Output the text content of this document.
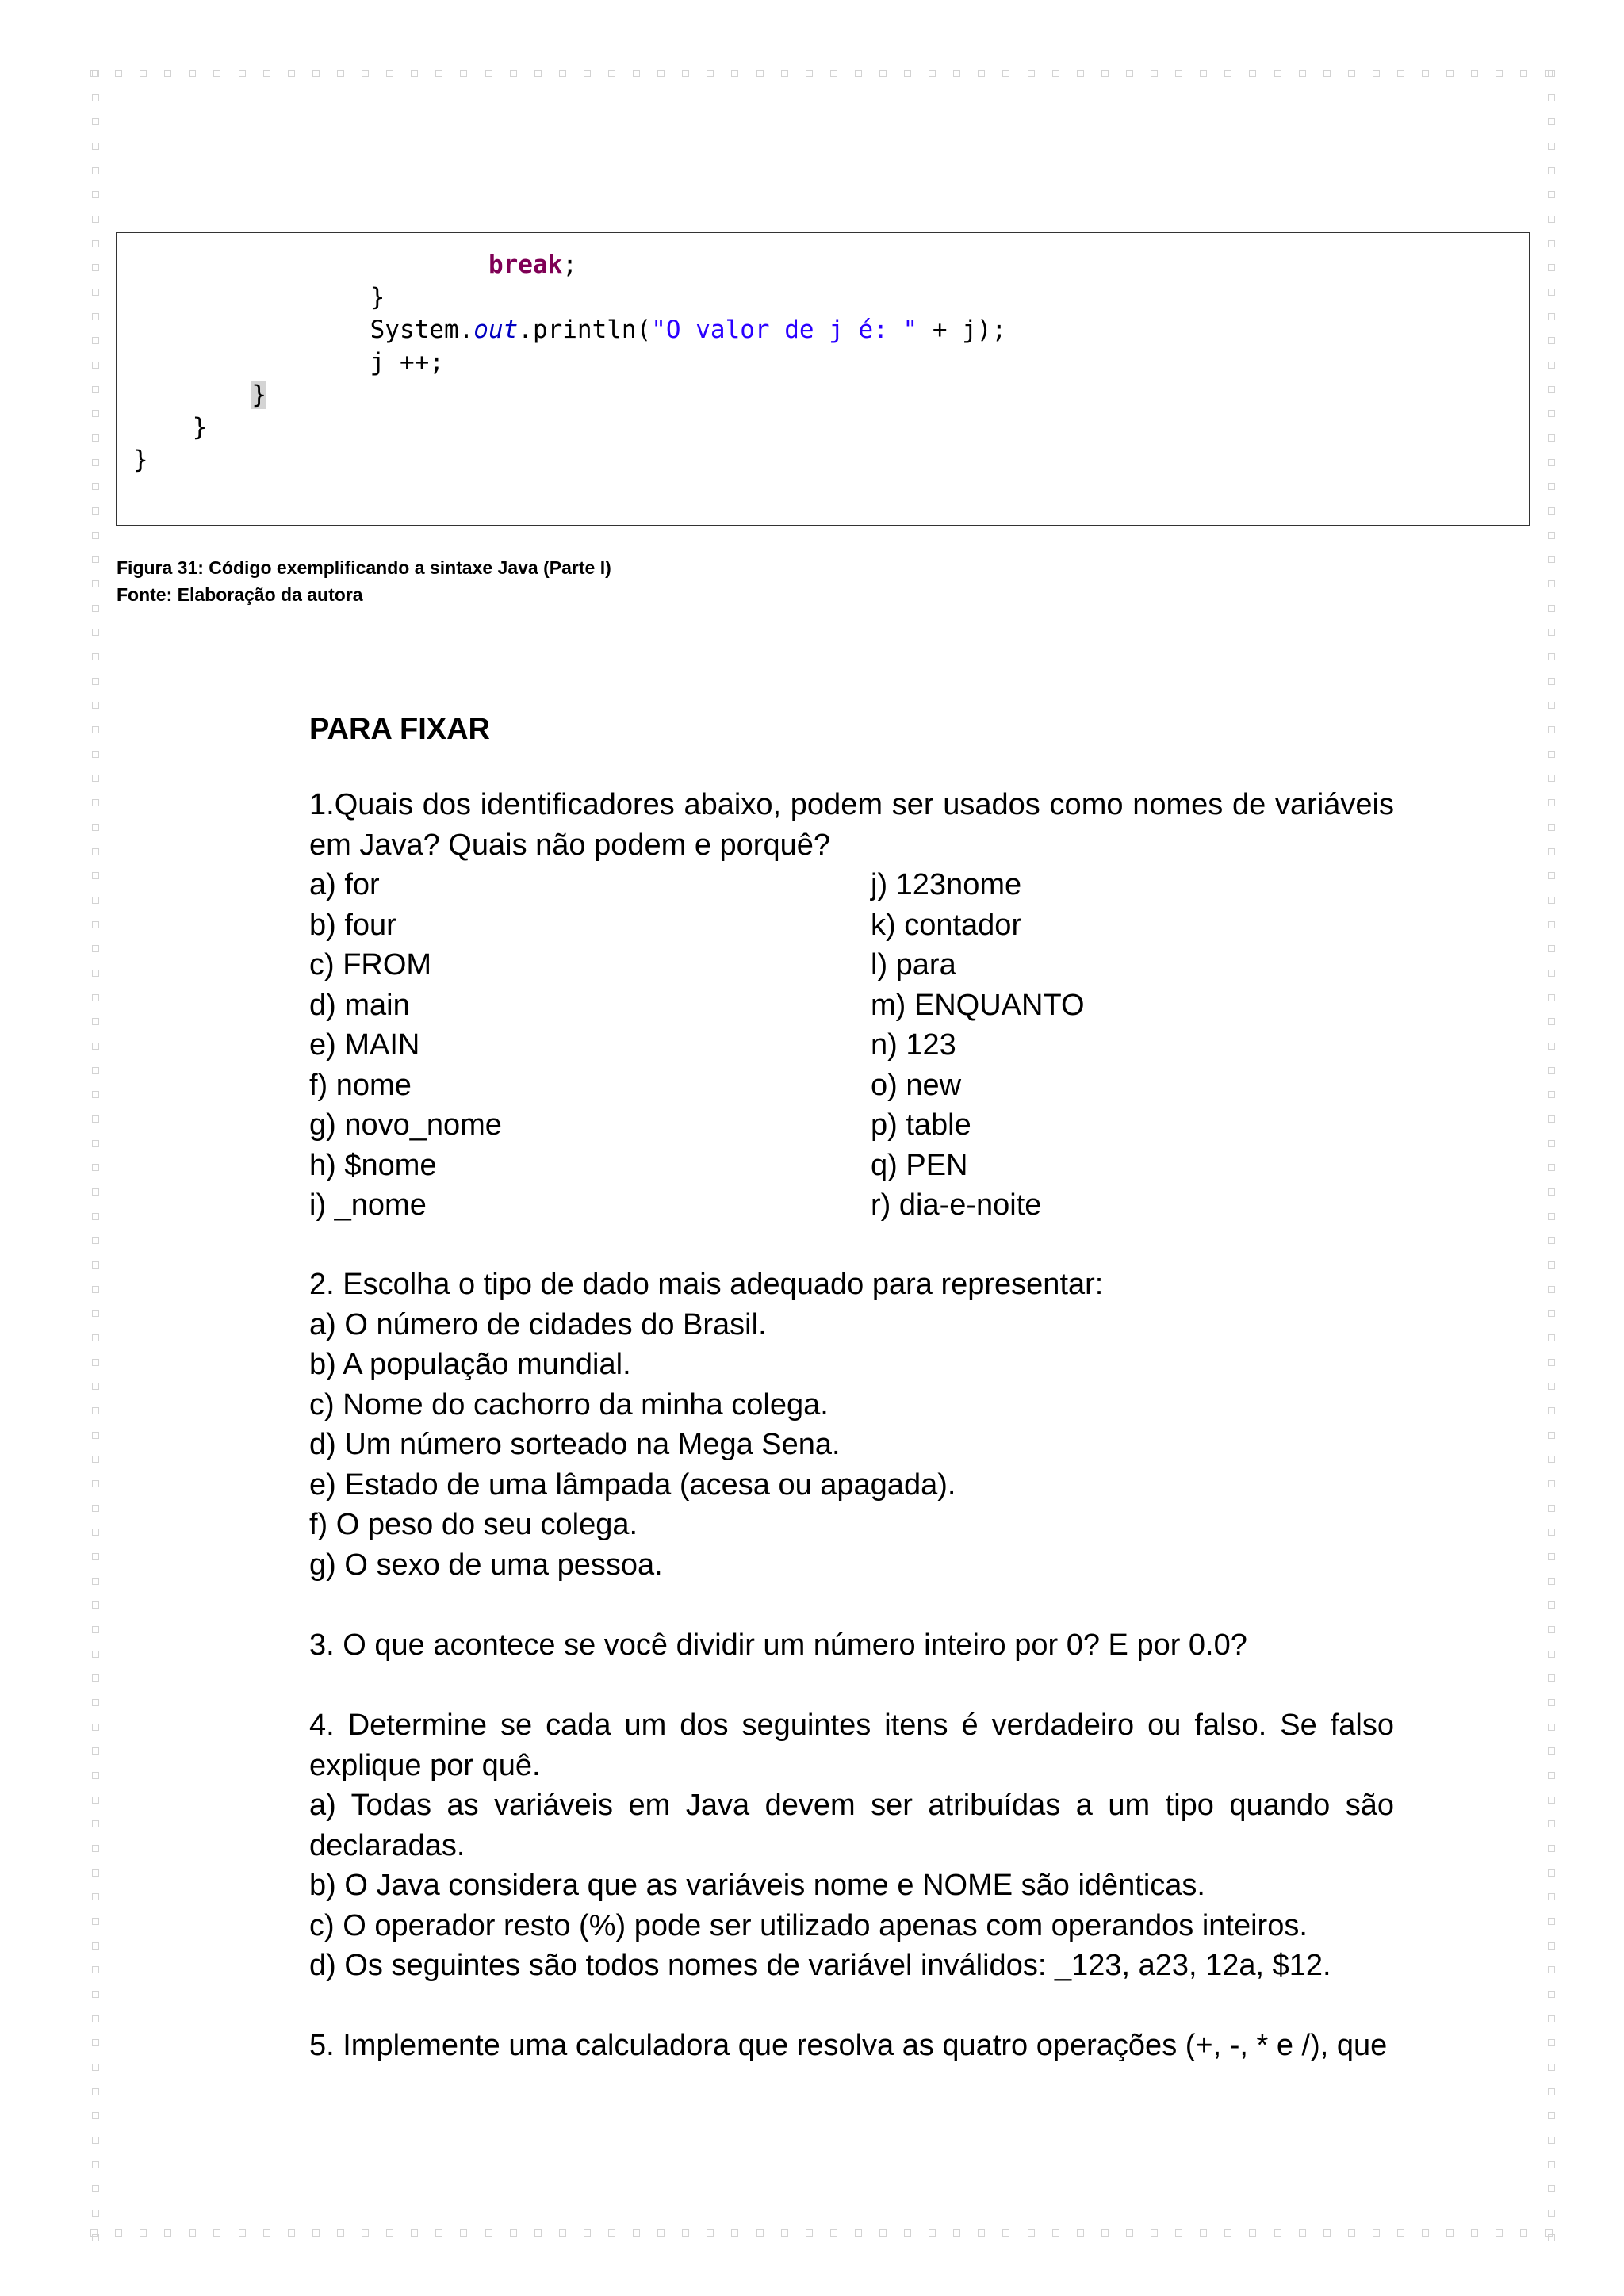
break;
}
System.out.println("O valor de j é: " + j);
j ++;
}
}
}
Figura 31: Código exemplificando a sintaxe Java (Parte I)
Fonte: Elaboração da autora

PARA FIXAR

1.Quais dos identificadores abaixo, podem ser usados como nomes de variáveis em Java? Quais não podem e porquê?
a) for
b) four
c) FROM
d) main
e) MAIN
f) nome
g) novo_nome
h) $nome
i) _nome
j) 123nome
k) contador
l) para
m) ENQUANTO
n) 123
o) new
p) table
q) PEN
r) dia-e-noite

2. Escolha o tipo de dado mais adequado para representar:

a) O número de cidades do Brasil.
b) A população mundial.
c) Nome do cachorro da minha colega.
d) Um número sorteado na Mega Sena.
e) Estado de uma lâmpada (acesa ou apagada).
f) O peso do seu colega.
g) O sexo de uma pessoa.

3. O que acontece se você dividir um número inteiro por 0? E por 0.0?

4. Determine se cada um dos seguintes itens é verdadeiro ou falso. Se falso explique por quê.

a) Todas as variáveis em Java devem ser atribuídas a um tipo quando são declaradas.

b) O Java considera que as variáveis nome e NOME são idênticas.

c) O operador resto (%) pode ser utilizado apenas com operandos inteiros.

d) Os seguintes são todos nomes de variável inválidos: _123, a23, 12a, $12.

5. Implemente uma calculadora que resolva as quatro operações (+, -, * e /), que
